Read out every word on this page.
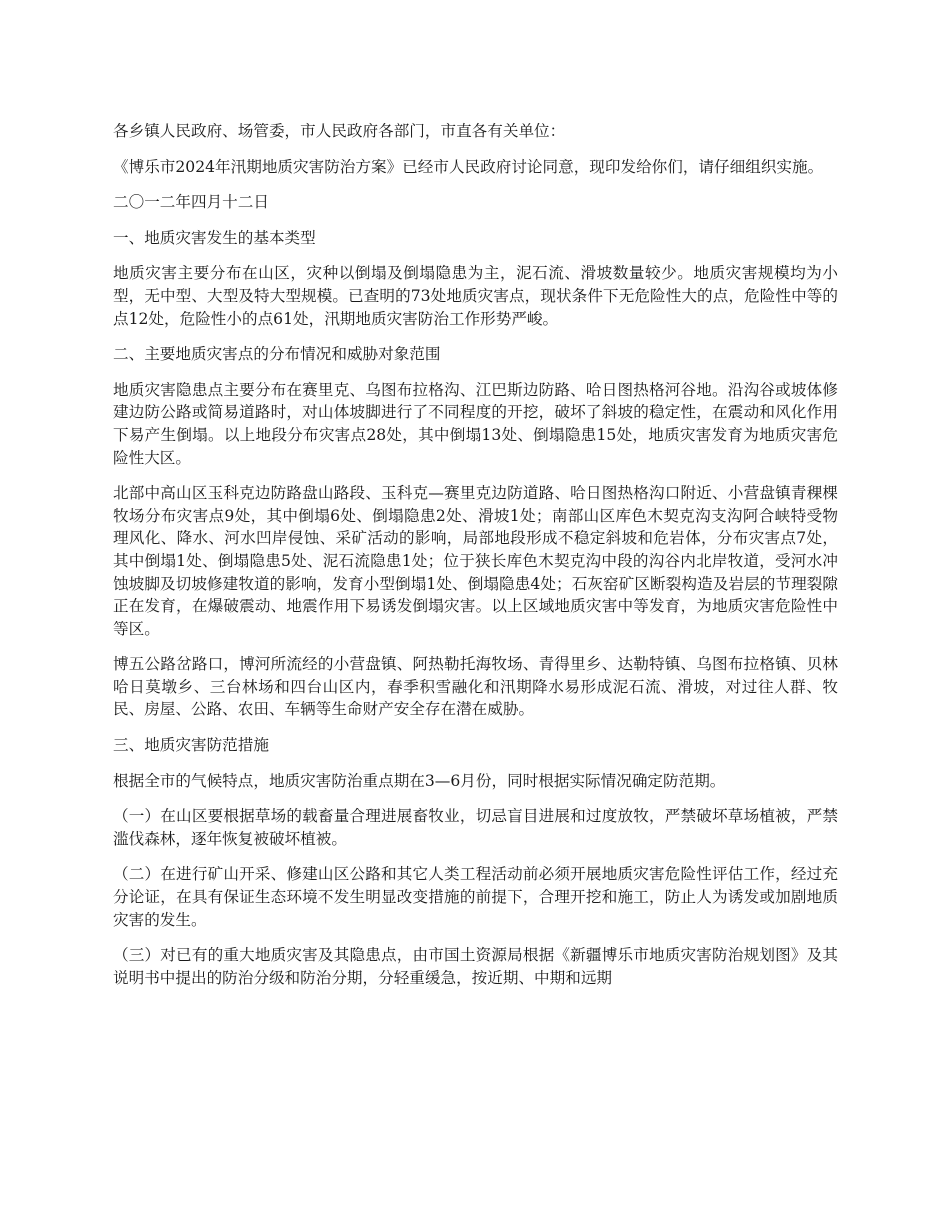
各乡镇人民政府、场管委，市人民政府各部门，市直各有关单位：

《博乐市2024年汛期地质灾害防治方案》已经市人民政府讨论同意，现印发给你们，请仔细组织实施。

二〇一二年四月十二日

一、地质灾害发生的基本类型

地质灾害主要分布在山区，灾种以倒塌及倒塌隐患为主，泥石流、滑坡数量较少。地质灾害规模均为小型，无中型、大型及特大型规模。已查明的73处地质灾害点，现状条件下无危险性大的点，危险性中等的点12处，危险性小的点61处，汛期地质灾害防治工作形势严峻。

二、主要地质灾害点的分布情况和威胁对象范围

地质灾害隐患点主要分布在赛里克、乌图布拉格沟、江巴斯边防路、哈日图热格河谷地。沿沟谷或坡体修建边防公路或简易道路时，对山体坡脚进行了不同程度的开挖，破坏了斜坡的稳定性，在震动和风化作用下易产生倒塌。以上地段分布灾害点28处，其中倒塌13处、倒塌隐患15处，地质灾害发育为地质灾害危险性大区。

北部中高山区玉科克边防路盘山路段、玉科克—赛里克边防道路、哈日图热格沟口附近、小营盘镇青稞棵牧场分布灾害点9处，其中倒塌6处、倒塌隐患2处、滑坡1处；南部山区库色木契克沟支沟阿合峡特受物理风化、降水、河水凹岸侵蚀、采矿活动的影响，局部地段形成不稳定斜坡和危岩体，分布灾害点7处，其中倒塌1处、倒塌隐患5处、泥石流隐患1处；位于狭长库色木契克沟中段的沟谷内北岸牧道，受河水冲蚀坡脚及切坡修建牧道的影响，发育小型倒塌1处、倒塌隐患4处；石灰窑矿区断裂构造及岩层的节理裂隙正在发育，在爆破震动、地震作用下易诱发倒塌灾害。以上区域地质灾害中等发育，为地质灾害危险性中等区。

博五公路岔路口，博河所流经的小营盘镇、阿热勒托海牧场、青得里乡、达勒特镇、乌图布拉格镇、贝林哈日莫墩乡、三台林场和四台山区内，春季积雪融化和汛期降水易形成泥石流、滑坡，对过往人群、牧民、房屋、公路、农田、车辆等生命财产安全存在潜在威胁。

三、地质灾害防范措施

根据全市的气候特点，地质灾害防治重点期在3—6月份，同时根据实际情况确定防范期。

（一）在山区要根据草场的载畜量合理进展畜牧业，切忌盲目进展和过度放牧，严禁破坏草场植被，严禁滥伐森林，逐年恢复被破坏植被。

（二）在进行矿山开采、修建山区公路和其它人类工程活动前必须开展地质灾害危险性评估工作，经过充分论证，在具有保证生态环境不发生明显改变措施的前提下，合理开挖和施工，防止人为诱发或加剧地质灾害的发生。

（三）对已有的重大地质灾害及其隐患点，由市国土资源局根据《新疆博乐市地质灾害防治规划图》及其说明书中提出的防治分级和防治分期，分轻重缓急，按近期、中期和远期
